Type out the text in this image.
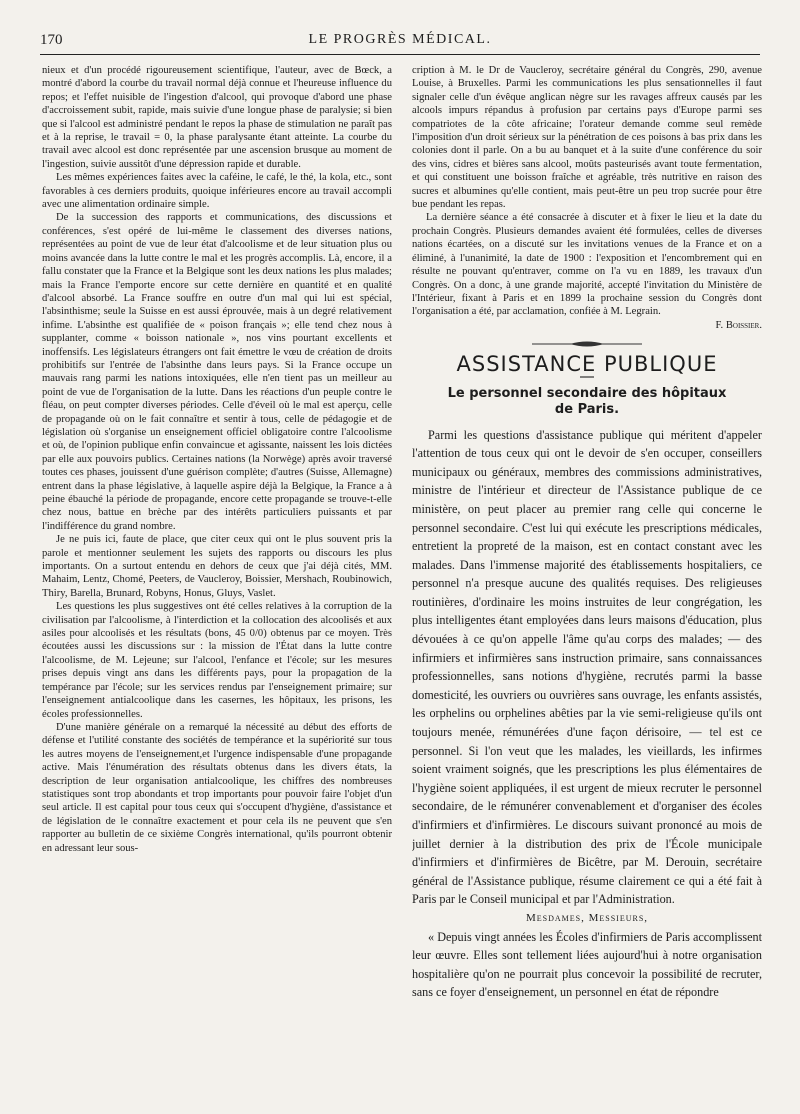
170	LE PROGRÈS MÉDICAL.

nieux et d'un procédé rigoureusement scientifique, l'auteur, avec de Bœck, a montré d'abord la courbe du travail normal déjà connue et l'heureuse influence du repos; et l'effet nuisible de l'ingestion d'alcool, qui provoque d'abord une phase d'accroissement subit, rapide, mais suivie d'une longue phase de paralysie; si bien que si l'alcool est administré pendant le repos la phase de stimulation ne paraît pas et à la reprise, le travail = 0, la phase paralysante étant atteinte. La courbe du travail avec alcool est donc représentée par une ascension brusque au moment de l'ingestion, suivie aussitôt d'une dépression rapide et durable.

Les mêmes expériences faites avec la caféine, le café, le thé, la kola, etc., sont favorables à ces derniers produits, quoique inférieures encore au travail accompli avec une alimentation ordinaire simple.

De la succession des rapports et communications, des discussions et conférences, s'est opéré de lui-même le classement des diverses nations, représentées au point de vue de leur état d'alcoolisme et de leur situation plus ou moins avancée dans la lutte contre le mal et les progrès accomplis. Là, encore, il a fallu constater que la France et la Belgique sont les deux nations les plus malades; mais la France l'emporte encore sur cette dernière en quantité et en qualité d'alcool absorbé. La France souffre en outre d'un mal qui lui est spécial, l'absinthisme; seule la Suisse en est aussi éprouvée, mais à un degré relativement infime. L'absinthe est qualifiée de « poison français »; elle tend chez nous à supplanter, comme « boisson nationale », nos vins pourtant excellents et inoffensifs. Les législateurs étrangers ont fait émettre le vœu de création de droits prohibitifs sur l'entrée de l'absinthe dans leurs pays. Si la France occupe un mauvais rang parmi les nations intoxiquées, elle n'en tient pas un meilleur au point de vue de l'organisation de la lutte. Dans les réactions d'un peuple contre le fléau, on peut compter diverses périodes. Celle d'éveil où le mal est aperçu, celle de propagande où on le fait connaître et sentir à tous, celle de pédagogie et de législation où s'organise un enseignement officiel obligatoire contre l'alcoolisme et où, de l'opinion publique enfin convaincue et agissante, naissent les lois dictées par elle aux pouvoirs publics. Certaines nations (la Norwège) après avoir traversé toutes ces phases, jouissent d'une guérison complète; d'autres (Suisse, Allemagne) entrent dans la phase législative, à laquelle aspire déjà la Belgique, la France a à peine ébauché la période de propagande, encore cette propagande se trouve-t-elle chez nous, battue en brèche par des intérêts particuliers puissants et par l'indifférence du grand nombre.

Je ne puis ici, faute de place, que citer ceux qui ont le plus souvent pris la parole et mentionner seulement les sujets des rapports ou discours les plus importants. On a surtout entendu en dehors de ceux que j'ai déjà cités, MM. Mahaim, Lentz, Chomé, Peeters, de Vaucleroy, Boissier, Mershach, Roubinowich, Thiry, Barella, Brunard, Robyns, Honus, Gluys, Vaslet.

Les questions les plus suggestives ont été celles relatives à la corruption de la civilisation par l'alcoolisme, à l'interdiction et la collocation des alcoolisés et aux asiles pour alcoolisés et les résultats (bons, 45 0/0) obtenus par ce moyen. Très écoutées aussi les discussions sur : la mission de l'État dans la lutte contre l'alcoolisme, de M. Lejeune; sur l'alcool, l'enfance et l'école; sur les mesures prises depuis vingt ans dans les différents pays, pour la propagation de la tempérance par l'école; sur les services rendus par l'enseignement primaire; sur l'enseignement antialcoolique dans les casernes, les hôpitaux, les prisons, les écoles professionnelles.

D'une manière générale on a remarqué la nécessité au début des efforts de défense et l'utilité constante des sociétés de tempérance et la supériorité sur tous les autres moyens de l'enseignement,et l'urgence indispensable d'une propagande active. Mais l'énumération des résultats obtenus dans les divers états, la description de leur organisation antialcoolique, les chiffres des nombreuses statistiques sont trop abondants et trop importants pour pouvoir faire l'objet d'un seul article. Il est capital pour tous ceux qui s'occupent d'hygiène, d'assistance et de législation de le connaître exactement et pour cela ils ne peuvent que s'en rapporter au bulletin de ce sixième Congrès international, qu'ils pourront obtenir en adressant leur sous-

cription à M. le Dr de Vaucleroy, secrétaire général du Congrès, 290, avenue Louise, à Bruxelles. Parmi les communications les plus sensationnelles il faut signaler celle d'un évêque anglican nègre sur les ravages affreux causés par les alcools impurs répandus à profusion par certains pays d'Europe parmi ses compatriotes de la côte africaine; l'orateur demande comme seul remède l'imposition d'un droit sérieux sur la pénétration de ces poisons à bas prix dans les colonies dont il parle. On a bu au banquet et à la suite d'une conférence du soir des vins, cidres et bières sans alcool, moûts pasteurisés avant toute fermentation, et qui constituent une boisson fraîche et agréable, très nutritive en raison des sucres et albumines qu'elle contient, mais peut-être un peu trop sucrée pour être bue pendant les repas.

La dernière séance a été consacrée à discuter et à fixer le lieu et la date du prochain Congrès. Plusieurs demandes avaient été formulées, celles de diverses nations écartées, on a discuté sur les invitations venues de la France et on a éliminé, à l'unanimité, la date de 1900 : l'exposition et l'encombrement qui en résulte ne pouvant qu'entraver, comme on l'a vu en 1889, les travaux d'un Congrès. On a donc, à une grande majorité, accepté l'invitation du Ministère de l'Intérieur, fixant à Paris et en 1899 la prochaine session du Congrès dont l'organisation a été, par acclamation, confiée à M. Legrain.

F. Boissier.

ASSISTANCE PUBLIQUE
Le personnel secondaire des hôpitaux
de Paris.

Parmi les questions d'assistance publique qui méritent d'appeler l'attention de tous ceux qui ont le devoir de s'en occuper, conseillers municipaux ou généraux, membres des commissions administratives, ministre de l'intérieur et directeur de l'Assistance publique de ce ministère, on peut placer au premier rang celle qui concerne le personnel secondaire. C'est lui qui exécute les prescriptions médicales, entretient la propreté de la maison, est en contact constant avec les malades. Dans l'immense majorité des établissements hospitaliers, ce personnel n'a presque aucune des qualités requises. Des religieuses routinières, d'ordinaire les moins instruites de leur congrégation, les plus intelligentes étant employées dans leurs maisons d'éducation, plus dévouées à ce qu'on appelle l'âme qu'au corps des malades; — des infirmiers et infirmières sans instruction primaire, sans connaissances professionnelles, sans notions d'hygiène, recrutés parmi la basse domesticité, les ouvriers ou ouvrières sans ouvrage, les enfants assistés, les orphelins ou orphelines abêties par la vie semi-religieuse qu'ils ont toujours menée, rémunérées d'une façon dérisoire, — tel est ce personnel. Si l'on veut que les malades, les vieillards, les infirmes soient vraiment soignés, que les prescriptions les plus élémentaires de l'hygiène soient appliquées, il est urgent de mieux recruter le personnel secondaire, de le rémunérer convenablement et d'organiser des écoles d'infirmiers et d'infirmières. Le discours suivant prononcé au mois de juillet dernier à la distribution des prix de l'École municipale d'infirmiers et d'infirmières de Bicêtre, par M. Derouin, secrétaire général de l'Assistance publique, résume clairement ce qui a été fait à Paris par le Conseil municipal et par l'Administration.

Mesdames, Messieurs,

« Depuis vingt années les Écoles d'infirmiers de Paris accomplissent leur œuvre. Elles sont tellement liées aujourd'hui à notre organisation hospitalière qu'on ne pourrait plus concevoir la possibilité de recruter, sans ce foyer d'enseignement, un personnel en état de répondre
